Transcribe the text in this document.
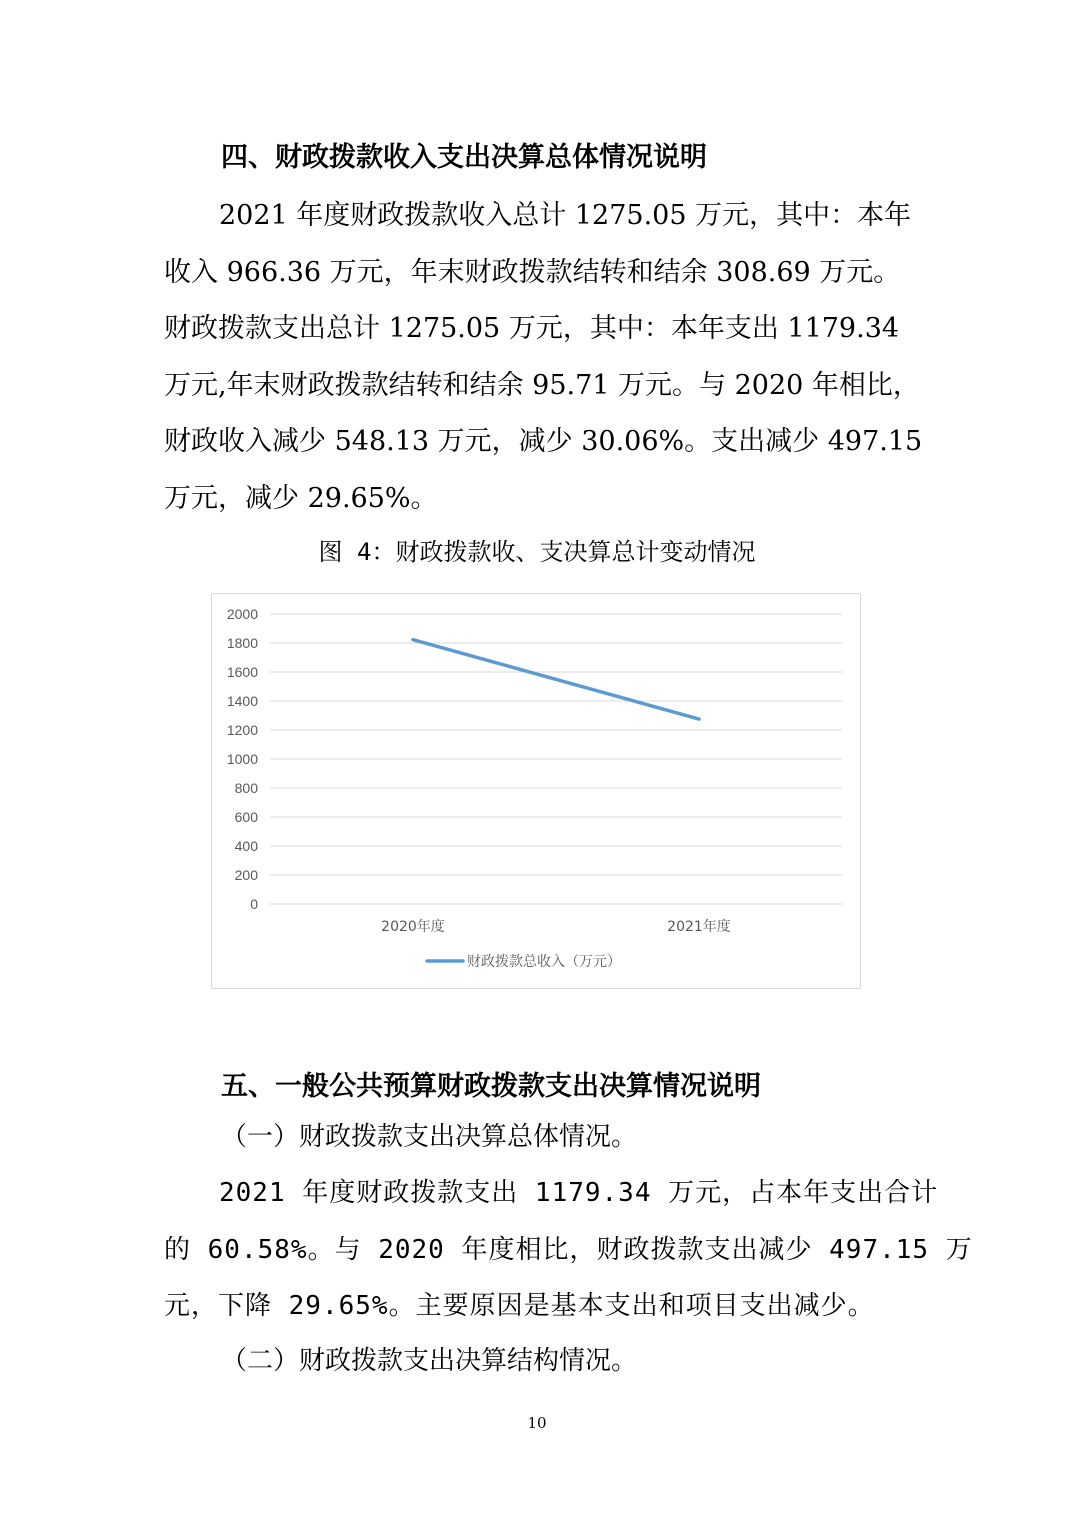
四、财政拨款收入支出决算总体情况说明
2021 年度财政拨款收入总计 1275.05 万元，其中：本年
收入 966.36 万元，年末财政拨款结转和结余 308.69 万元。
财政拨款支出总计 1275.05 万元，其中：本年支出 1179.34
万元,年末财政拨款结转和结余 95.71 万元。与 2020 年相比，
财政收入减少 548.13 万元，减少 30.06%。支出减少 497.15
万元，减少 29.65%。
图 4：财政拨款收、支决算总计变动情况
0
200
400
600
800
1000
1200
1400
1600
1800
2000
2020年度	2021年度
财政拨款总收入（万元）
五、一般公共预算财政拨款支出决算情况说明
（一）财政拨款支出决算总体情况。
2021 年度财政拨款支出 1179.34 万元，占本年支出合计
的 60.58%。与 2020 年度相比，财政拨款支出减少 497.15 万
元，下降 29.65%。主要原因是基本支出和项目支出减少。
（二）财政拨款支出决算结构情况。
10
